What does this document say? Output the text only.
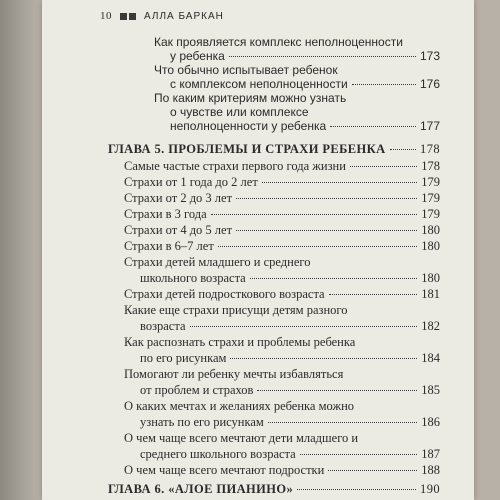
10	АЛЛА БАРКАН
Как проявляется комплекс неполноценности
у ребенка	173
Что обычно испытывает ребенок
с комплексом неполноценности	176
По каким критериям можно узнать
о чувстве или комплексе
неполноценности у ребенка	177
ГЛАВА 5. ПРОБЛЕМЫ И СТРАХИ РЕБЕНКА	178
Самые частые страхи первого года жизни	178
Страхи от 1 года до 2 лет	179
Страхи от 2 до 3 лет	179
Страхи в 3 года	179
Страхи от 4 до 5 лет	180
Страхи в 6–7 лет	180
Страхи детей младшего и среднего
школьного возраста	180
Страхи детей подросткового возраста	181
Какие еще страхи присущи детям разного
возраста	182
Как распознать страхи и проблемы ребенка
по его рисункам	184
Помогают ли ребенку мечты избавляться
от проблем и страхов	185
О каких мечтах и желаниях ребенка можно
узнать по его рисункам	186
О чем чаще всего мечтают дети младшего и
среднего школьного возраста	187
О чем чаще всего мечтают подростки	188
ГЛАВА 6. «АЛОЕ ПИАНИНО»	190
